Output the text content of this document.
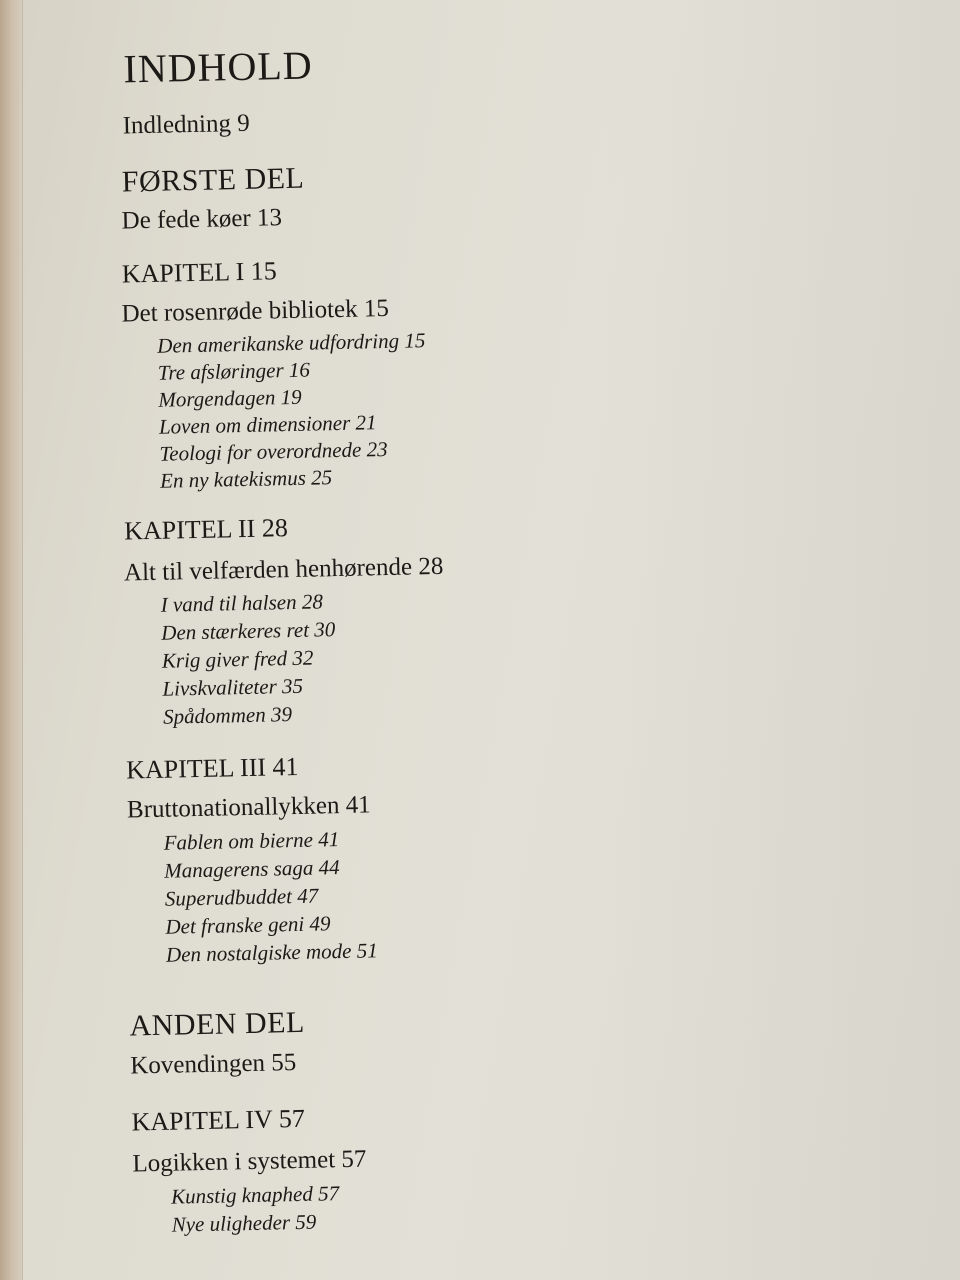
INDHOLD
Indledning 9
FØRSTE DEL
De fede køer 13
KAPITEL I 15
Det rosenrøde bibliotek 15
Den amerikanske udfordring 15
Tre afsløringer 16
Morgendagen 19
Loven om dimensioner 21
Teologi for overordnede 23
En ny katekismus 25
KAPITEL II 28
Alt til velfærden henhørende 28
I vand til halsen 28
Den stærkeres ret 30
Krig giver fred 32
Livskvaliteter 35
Spådommen 39
KAPITEL III 41
Bruttonationallykken 41
Fablen om bierne 41
Managerens saga 44
Superudbuddet 47
Det franske geni 49
Den nostalgiske mode 51
ANDEN DEL
Kovendingen 55
KAPITEL IV 57
Logikken i systemet 57
Kunstig knaphed 57
Nye uligheder 59
